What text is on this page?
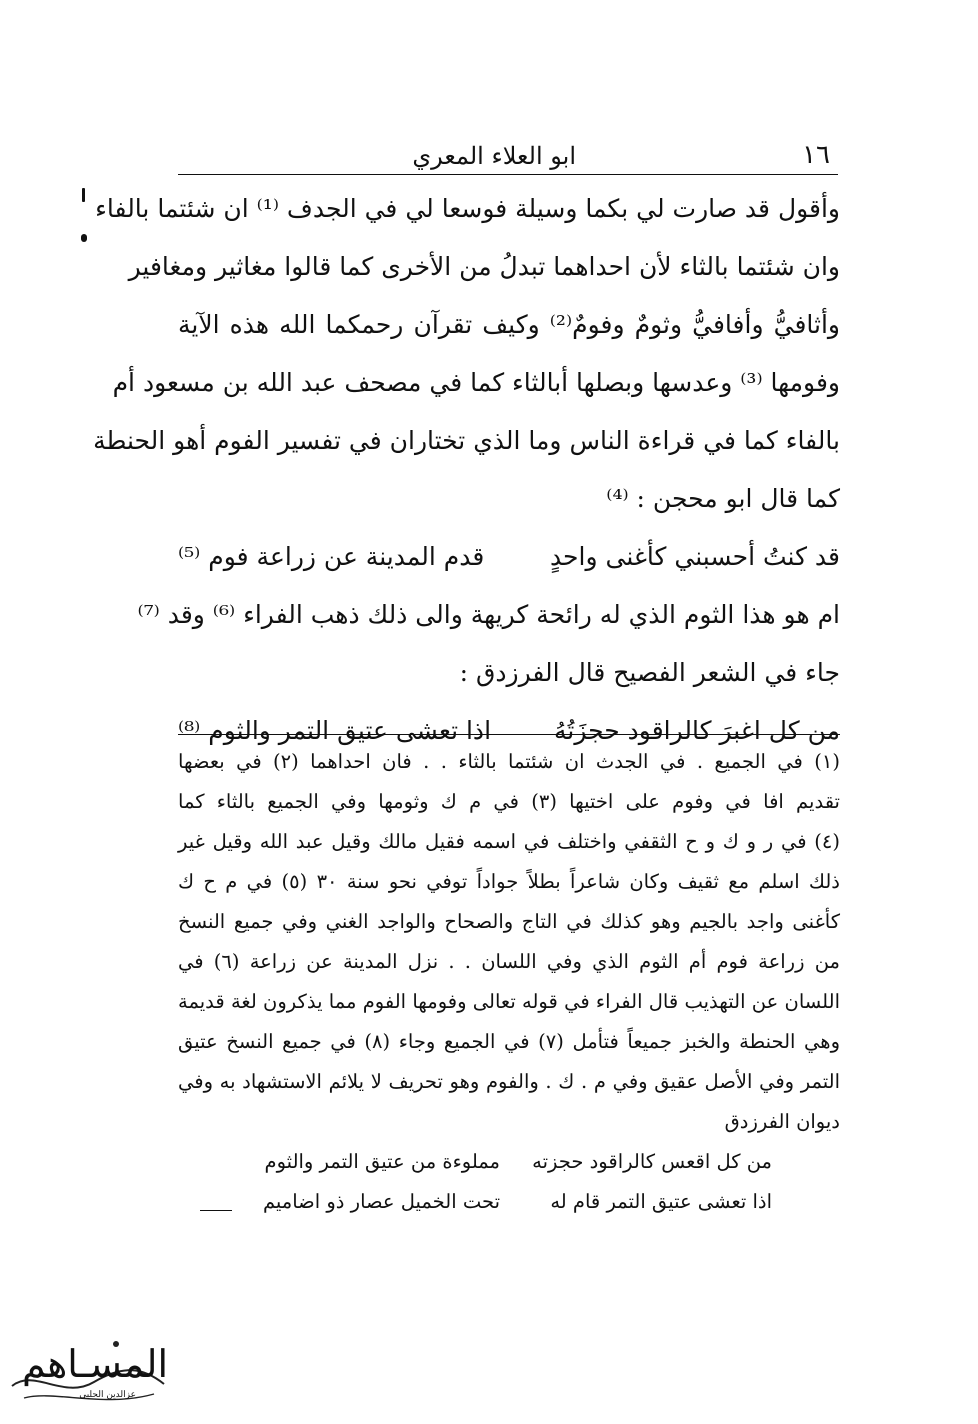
١٦
ابو العلاء المعري
وأقول قد صارت لي بكما وسيلة فوسعا لي في الجدف ⁽¹⁾ ان شئتما بالفاء
وان شئتما بالثاء لأن احداهما تبدلُ من الأخرى كما قالوا مغاثير ومغافير
وأثافيُّ وأفافيُّ وثومٌ وفومٌ⁽²⁾ وكيف تقرآن رحمكما الله هذه الآية
وفومها ⁽³⁾ وعدسها وبصلها أبالثاء كما في مصحف عبد الله بن مسعود أم
بالفاء كما في قراءة الناس وما الذي تختاران في تفسير الفوم أهو الحنطة
كما قال ابو محجن : ⁽⁴⁾
قد كنتُ أحسبني كأغنى واحدٍ
قدم المدينة عن زراعة فوم ⁽⁵⁾
ام هو هذا الثوم الذي له رائحة كريهة والى ذلك ذهب الفراء ⁽⁶⁾ وقد ⁽⁷⁾
جاء في الشعر الفصيح قال الفرزدق :
من كل اغبرَ كالراقود حجزَتُهُ
اذا تعشى عتيق التمر والثوم ⁽⁸⁾
(١) في الجميع . في الجدث ان شئتما بالثاء . . فان احداهما (٢) في بعضها
تقديم افا في وفوم على اختيها (٣) في م ك وثومها وفي الجميع بالثاء كما
(٤) في ر و ك و ح الثقفي واختلف في اسمه فقيل مالك وقيل عبد الله وقيل غير
ذلك اسلم مع ثقيف وكان شاعراً بطلاً جواداً توفي نحو سنة ٣٠ (٥) في م ح ك
كأغنى واجد بالجيم وهو كذلك في التاج والصحاح والواجد الغني وفي جميع النسخ
من زراعة فوم أم الثوم الذي وفي اللسان . . نزل المدينة عن زراعة (٦) في
اللسان عن التهذيب قال الفراء في قوله تعالى وفومها الفوم مما يذكرون لغة قديمة
وهي الحنطة والخبز جميعاً فتأمل (٧) في الجميع وجاء (٨) في جميع النسخ عتيق
التمر وفي الأصل عقيق وفي م . ك . والفوم وهو تحريف لا يلائم الاستشهاد به وفي
ديوان الفرزدق
من كل اقعس كالراقود حجزته
مملوءة من عتيق التمر والثوم
اذا تعشى عتيق التمر قام له
تحت الخميل عصار ذو اضاميم
المسـاهم
عزالدين الحلبي
